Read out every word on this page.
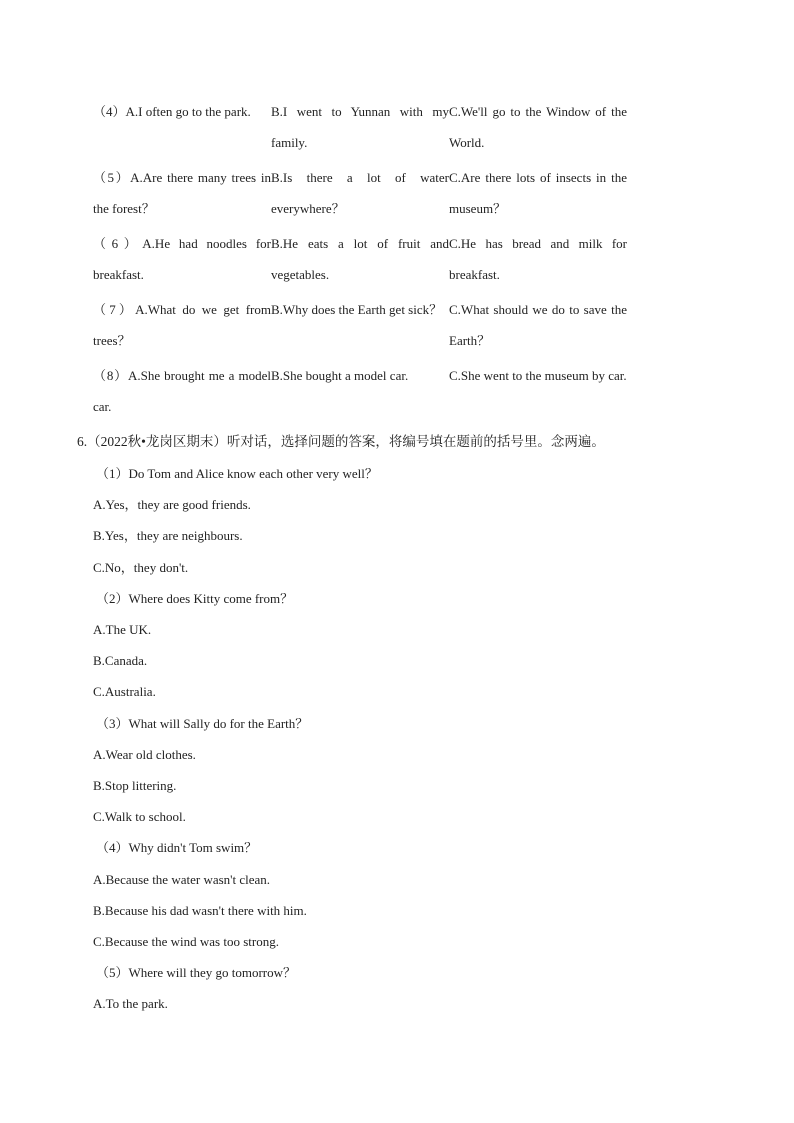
（4）A.I often go to the park.	B.I went to Yunnan with my family.	C.We'll go to the Window of the World.
（5）A.Are there many trees in the forest？	B.Is there a lot of water everywhere？	C.Are there lots of insects in the museum？
（6）A.He had noodles for breakfast.	B.He eats a lot of fruit and vegetables.	C.He has bread and milk for breakfast.
（7）A.What do we get from trees？	B.Why does the Earth get sick？	C.What should we do to save the Earth？
（8）A.She brought me a model car.	B.She bought a model car.	C.She went to the museum by car.
6.（2022秋•龙岗区期末）听对话，选择问题的答案，将编号填在题前的括号里。念两遍。
（1）Do Tom and Alice know each other very well？
A.Yes，they are good friends.
B.Yes，they are neighbours.
C.No，they don't.
（2）Where does Kitty come from？
A.The UK.
B.Canada.
C.Australia.
（3）What will Sally do for the Earth？
A.Wear old clothes.
B.Stop littering.
C.Walk to school.
（4）Why didn't Tom swim？
A.Because the water wasn't clean.
B.Because his dad wasn't there with him.
C.Because the wind was too strong.
（5）Where will they go tomorrow？
A.To the park.
